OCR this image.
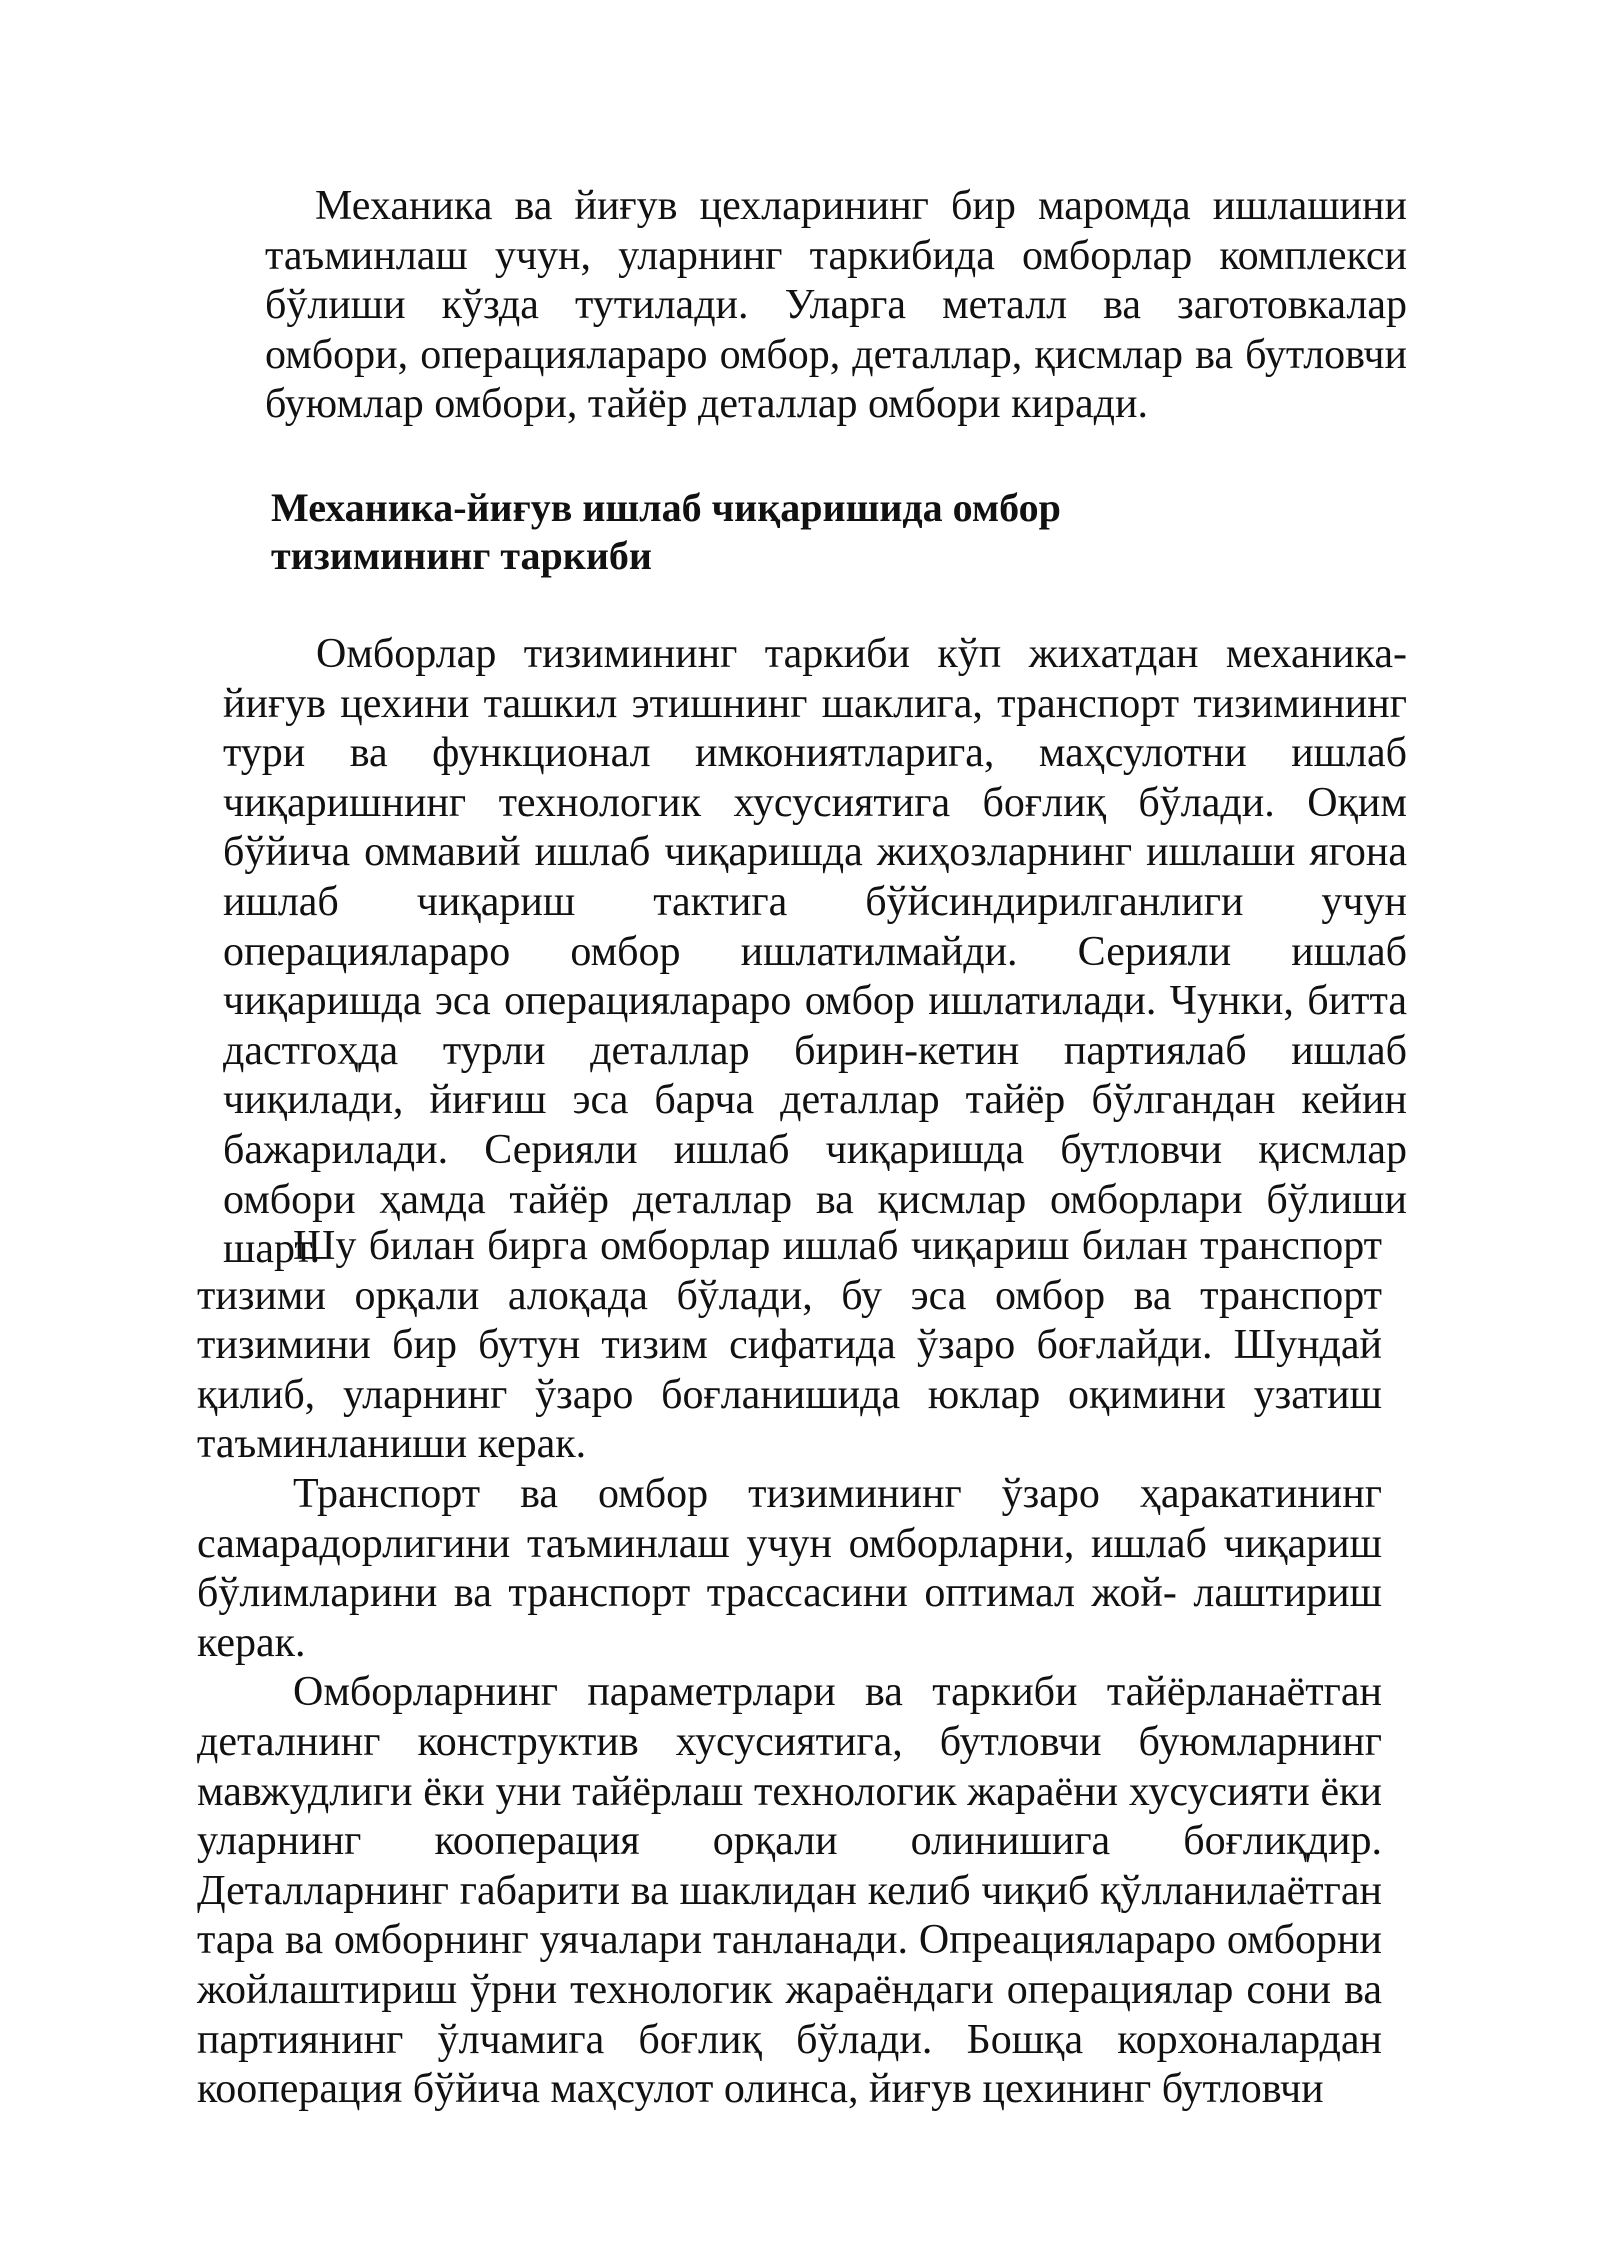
Механика ва йиғув цехларининг бир маромда ишлашини таъминлаш учун, уларнинг таркибида омборлар комплекси бўлиши кўзда тутилади. Уларга металл ва заготовкалар омбори, операцияларaро омбор, деталлар, қисмлар ва бутловчи буюмлар омбори, тайёр деталлар омбори киради.

Механика-йиғув ишлаб чиқаришида омбор
тизимининг таркиби

Омборлар тизимининг таркиби кўп жихатдан механика-йиғув цехини ташкил этишнинг шаклига, транспорт тизимининг тури ва функционал имкониятларига, маҳсулотни ишлаб чиқаришнинг технологик хусусиятига боғлиқ бўлади. Оқим бўйича оммавий ишлаб чиқаришда жиҳозларнинг ишлаши ягона ишлаб чиқариш тактига бўйсиндирилганлиги учун операцияларaро омбор ишлатилмайди. Серияли ишлаб чиқаришда эса операцияларaро омбор ишлатилади. Чунки, битта дастгоҳда турли деталлар бирин-кетин партиялаб ишлаб чиқилади, йиғиш эса барча деталлар тайёр бўлгандан кейин бажарилади. Серияли ишлаб чиқаришда бутловчи қисмлар омбори ҳамда тайёр деталлар ва қисмлар омборлари бўлиши шарт.

Шу билан бирга омборлар ишлаб чиқариш билан транспорт тизими орқали алоқада бўлади, бу эса омбор ва транспорт тизимини бир бутун тизим сифатида ўзаро боғлайди. Шундай қилиб, уларнинг ўзаро боғланишида юклар оқимини узатиш таъминланиши керак.

Транспорт ва омбор тизимининг ўзаро ҳаракатининг самарадорлигини таъминлаш учун омборларни, ишлаб чиқариш бўлимларини ва транспорт трассасини оптимал жой- лаштириш керак.

Омборларнинг параметрлари ва таркиби тайёрланаётган деталнинг конструктив хусусиятига, бутловчи буюмларнинг мавжудлиги ёки уни тайёрлаш технологик жараёни хусусияти ёки уларнинг кооперация орқали олинишига боғлиқдир. Деталларнинг габарити ва шаклидан келиб чиқиб қўлланилаётган тара ва омборнинг уячалари танланади. Опреацияларaро омборни жойлаштириш ўрни технологик жараёндаги операциялар сони ва партиянинг ўлчамига боғлиқ бўлади. Бошқа корхоналардан кооперация бўйича маҳсулот олинса, йиғув цехининг бутловчи
